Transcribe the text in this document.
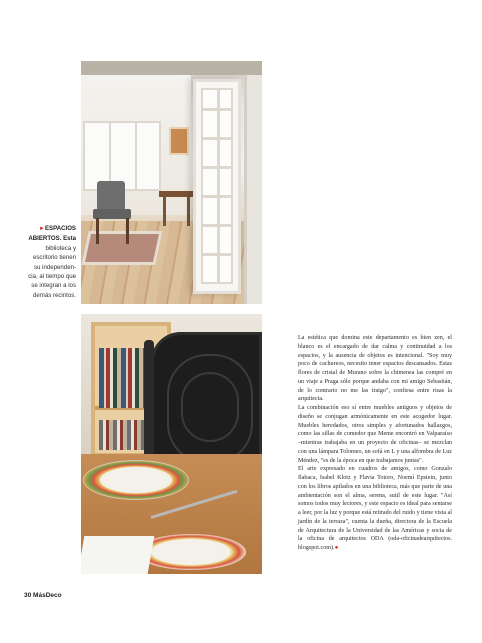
►ESPACIOS
ABIERTOS. Esta
biblioteca y
escritorio tienen
su independen-
cia, al tiempo que
se integran a los
demás recintos.

La estética que domina este departamento es bien zen, el blanco es el encargado de dar calma y continuidad a los espacios, y la ausencia de objetos es intencional. "Soy muy poco de cachureos, necesito tener espacios descansados. Estas flores de cristal de Murano sobre la chimenea las compré en un viaje a Praga sólo porque andaba con mi amigo Sebastián, de lo contrario no me las traigo", confiesa entre risas la arquitecta.

La combinación eso sí entre muebles antiguos y objetos de diseño se conjugan armónicamente en este acogedor lugar. Muebles heredados, otros simples y afortunados hallazgos, como las sillas de comedor que Meme encontró en Valparaíso –mientras trabajaba en un proyecto de oficinas– se mezclan con una lámpara Tolomeo, un sofá en L y una alfombra de Luz Méndez, "es de la época en que trabajamos juntas".

El arte expresado en cuadros de amigos, como Gonzalo Ilabaca, Isabel Klotz y Flavia Totoro, Noemí Epstein, junto con los libros apilados en una biblioteca, más que parte de una ambientación son el alma, serena, sutil de este lugar. "Así somos todos muy lectores, y este espacio es ideal para sentarse a leer, por la luz y porque está retirado del ruido y tiene vista al jardín de la terraza", cuenta la dueña, directora de la Escuela de Arquitectura de la Universidad de las Américas y socia de la oficina de arquitectos ODA (oda-oficinadearquitectos. blogspot.com).●

30 MásDeco
